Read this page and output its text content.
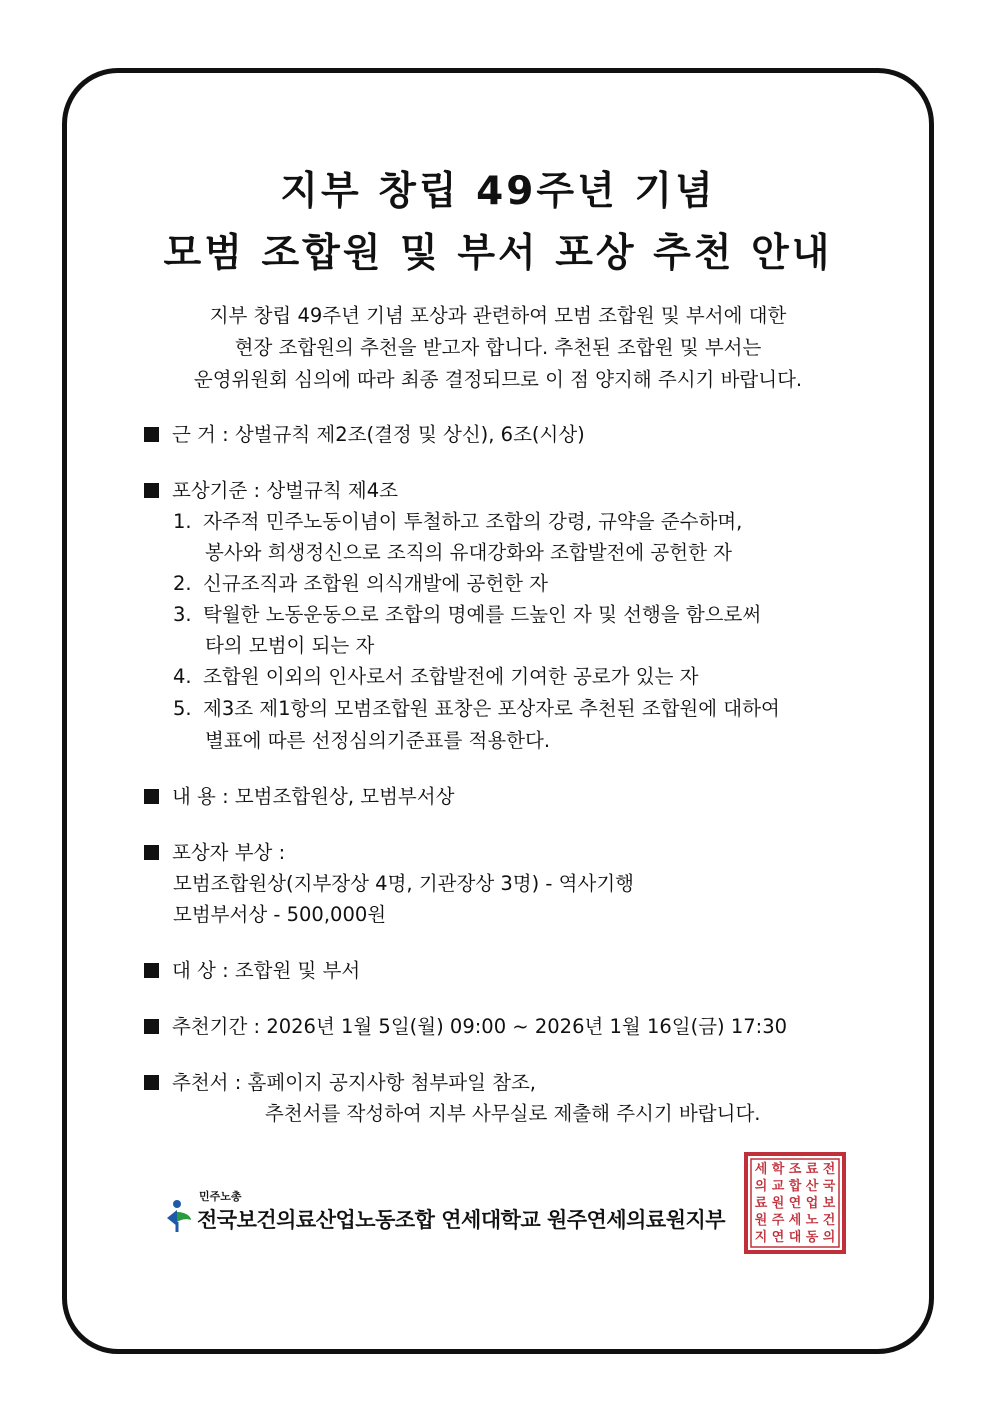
지부 창립 49주년 기념
모범 조합원 및 부서 포상 추천 안내
지부 창립 49주년 기념 포상과 관련하여 모범 조합원 및 부서에 대한
현장 조합원의 추천을 받고자 합니다. 추천된 조합원 및 부서는
운영위원회 심의에 따라 최종 결정되므로 이 점 양지해 주시기 바랍니다.
근 거 : 상벌규칙 제2조(결정 및 상신), 6조(시상)
포상기준 : 상벌규칙 제4조
1. 자주적 민주노동이념이 투철하고 조합의 강령, 규약을 준수하며,
봉사와 희생정신으로 조직의 유대강화와 조합발전에 공헌한 자
2. 신규조직과 조합원 의식개발에 공헌한 자
3. 탁월한 노동운동으로 조합의 명예를 드높인 자 및 선행을 함으로써
타의 모범이 되는 자
4. 조합원 이외의 인사로서 조합발전에 기여한 공로가 있는 자
5. 제3조 제1항의 모범조합원 표창은 포상자로 추천된 조합원에 대하여
별표에 따른 선정심의기준표를 적용한다.
내 용 : 모범조합원상, 모범부서상
포상자 부상 :
모범조합원상(지부장상 4명, 기관장상 3명) - 역사기행
모범부서상 - 500,000원
대 상 : 조합원 및 부서
추천기간 : 2026년 1월 5일(월) 09:00 ~ 2026년 1월 16일(금) 17:30
추천서 : 홈페이지 공지사항 첨부파일 참조,
추천서를 작성하여 지부 사무실로 제출해 주시기 바랍니다.
민주노총
전국보건의료산업노동조합 연세대학교 원주연세의료원지부
전
국
보
건
의
료
산
업
노
동
조
합
연
세
대
학
교
원
주
연
세
의
료
원
지
